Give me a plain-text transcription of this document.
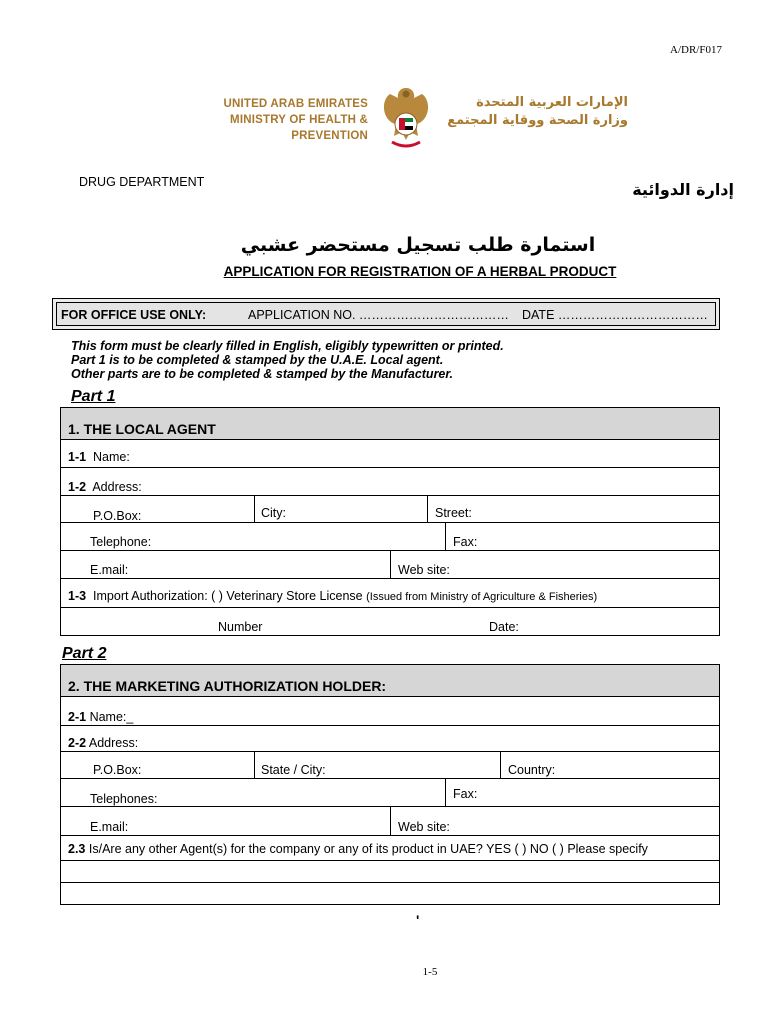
A/DR/F017
UNITED ARAB EMIRATES
MINISTRY OF HEALTH & PREVENTION
الإمارات العربية المتحدة
وزارة الصحة ووقاية المجتمع
DRUG DEPARTMENT	إدارة الدوائية
استمارة طلب تسجيل مستحضر عشبي
APPLICATION FOR REGISTRATION OF A HERBAL PRODUCT
FOR OFFICE USE ONLY:	APPLICATION NO. ……………………………… DATE ………………………………
This form must be clearly filled in English, eligibly typewritten or printed.
Part 1 is to be completed & stamped by the U.A.E. Local agent.
Other parts are to be completed & stamped by the Manufacturer.
Part 1
1. THE LOCAL AGENT
1-1 Name:
1-2 Address:
P.O.Box:	City:	Street:
Telephone:	Fax:
E.mail:	Web site:
1-3 Import Authorization: ( ) Veterinary Store License (Issued from Ministry of Agriculture & Fisheries)
Number	Date:
Part 2
2. THE MARKETING AUTHORIZATION HOLDER:
2-1 Name:_
2-2 Address:
P.O.Box:	State / City:	Country:
Telephones:	Fax:
E.mail:	Web site:
2.3 Is/Are any other Agent(s) for the company or any of its product in UAE? YES ( ) NO ( ) Please specify
'
1-5
